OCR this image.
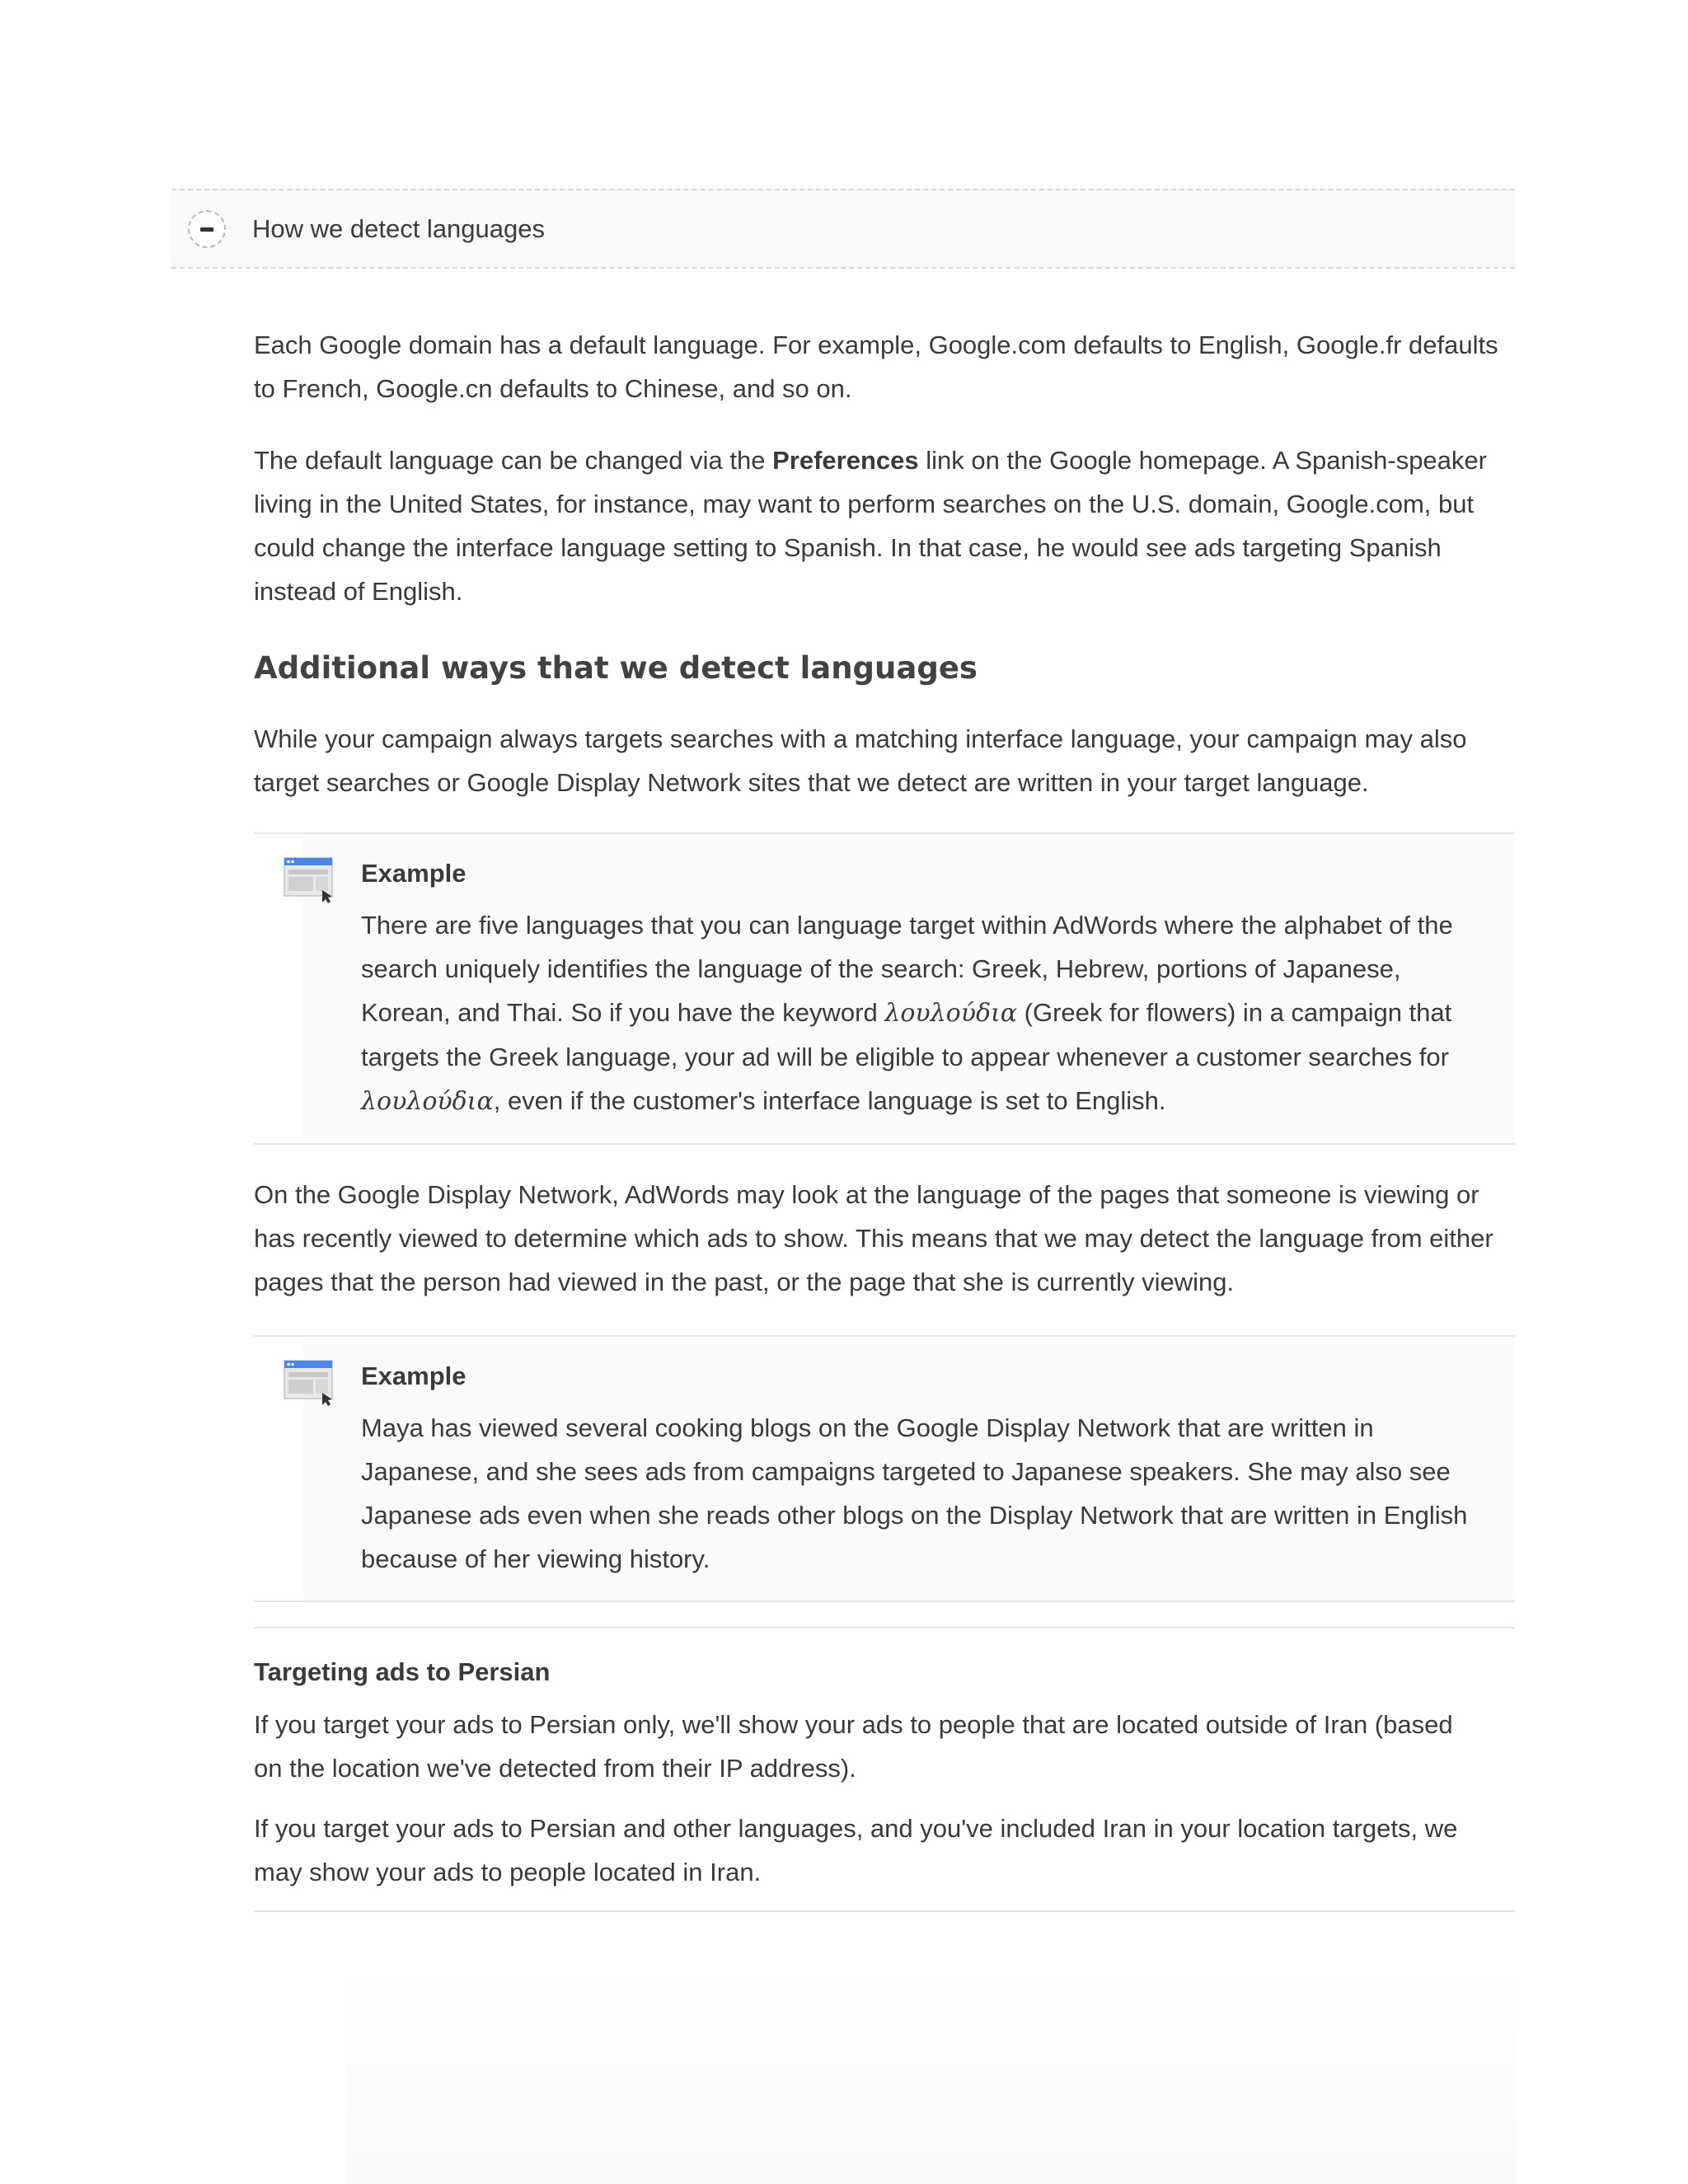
How we detect languages

Each Google domain has a default language. For example, Google.com defaults to English, Google.fr defaults to French, Google.cn defaults to Chinese, and so on.

The default language can be changed via the Preferences link on the Google homepage. A Spanish-speaker living in the United States, for instance, may want to perform searches on the U.S. domain, Google.com, but could change the interface language setting to Spanish. In that case, he would see ads targeting Spanish instead of English.

Additional ways that we detect languages

While your campaign always targets searches with a matching interface language, your campaign may also target searches or Google Display Network sites that we detect are written in your target language.

Example

There are five languages that you can language target within AdWords where the alphabet of the search uniquely identifies the language of the search: Greek, Hebrew, portions of Japanese, Korean, and Thai. So if you have the keyword λουλούδια (Greek for flowers) in a campaign that targets the Greek language, your ad will be eligible to appear whenever a customer searches for λουλούδια, even if the customer's interface language is set to English.

On the Google Display Network, AdWords may look at the language of the pages that someone is viewing or has recently viewed to determine which ads to show. This means that we may detect the language from either pages that the person had viewed in the past, or the page that she is currently viewing.

Example

Maya has viewed several cooking blogs on the Google Display Network that are written in Japanese, and she sees ads from campaigns targeted to Japanese speakers. She may also see Japanese ads even when she reads other blogs on the Display Network that are written in English because of her viewing history.

Targeting ads to Persian

If you target your ads to Persian only, we'll show your ads to people that are located outside of Iran (based on the location we've detected from their IP address).

If you target your ads to Persian and other languages, and you've included Iran in your location targets, we may show your ads to people located in Iran.
